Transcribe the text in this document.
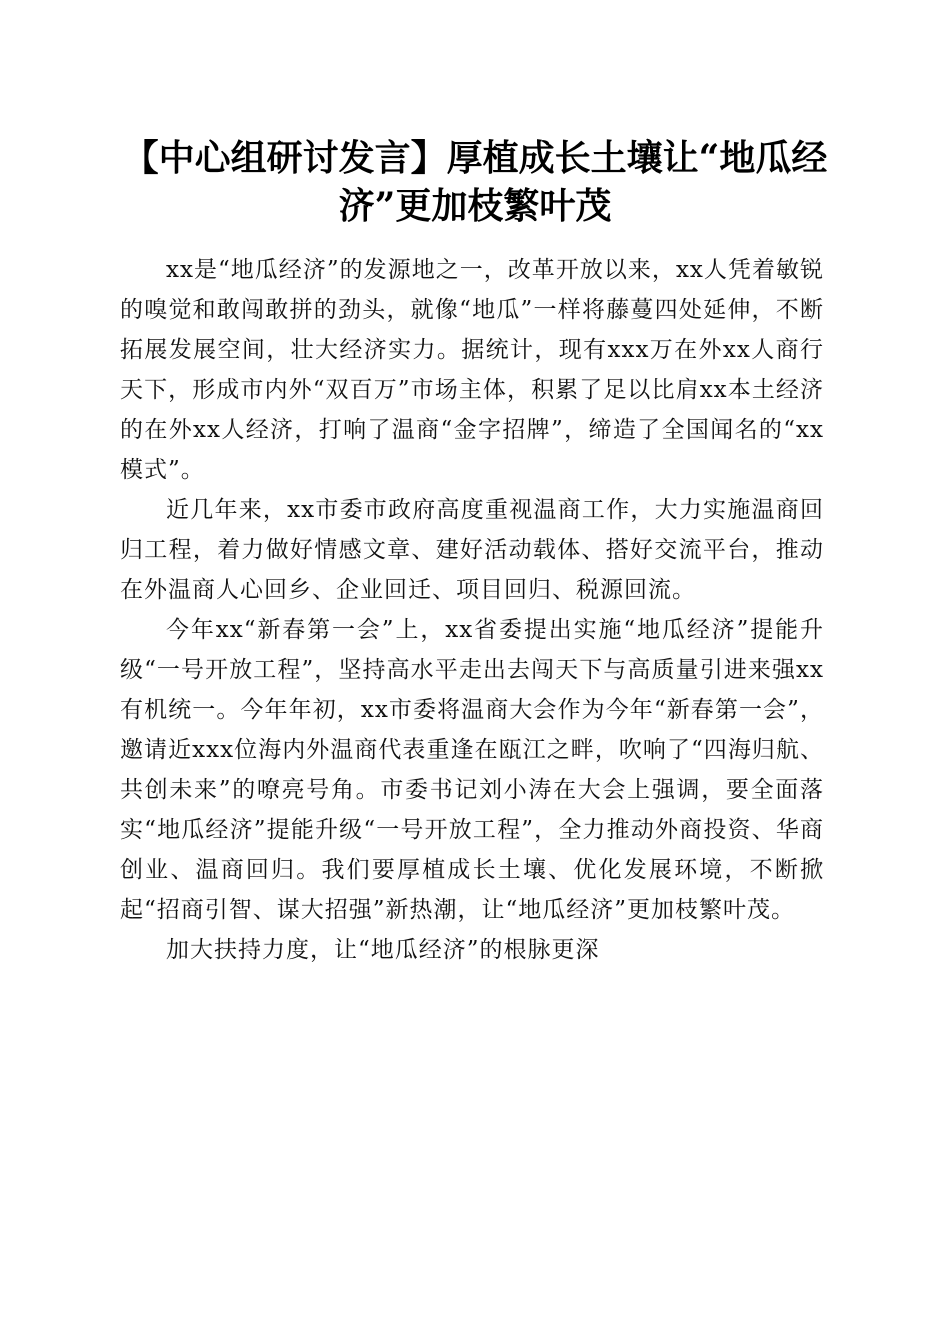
【中心组研讨发言】厚植成长土壤让“地瓜经济”更加枝繁叶茂

xx是“地瓜经济”的发源地之一，改革开放以来，xx人凭着敏锐的嗅觉和敢闯敢拼的劲头，就像“地瓜”一样将藤蔓四处延伸，不断拓展发展空间，壮大经济实力。据统计，现有xxx万在外xx人商行天下，形成市内外“双百万”市场主体，积累了足以比肩xx本土经济的在外xx人经济，打响了温商“金字招牌”，缔造了全国闻名的“xx模式”。

近几年来，xx市委市政府高度重视温商工作，大力实施温商回归工程，着力做好情感文章、建好活动载体、搭好交流平台，推动在外温商人心回乡、企业回迁、项目回归、税源回流。

今年xx“新春第一会”上，xx省委提出实施“地瓜经济”提能升级“一号开放工程”，坚持高水平走出去闯天下与高质量引进来强xx有机统一。今年年初，xx市委将温商大会作为今年“新春第一会”，邀请近xxx位海内外温商代表重逢在瓯江之畔，吹响了“四海归航、共创未来”的嘹亮号角。市委书记刘小涛在大会上强调，要全面落实“地瓜经济”提能升级“一号开放工程”，全力推动外商投资、华商创业、温商回归。我们要厚植成长土壤、优化发展环境，不断掀起“招商引智、谋大招强”新热潮，让“地瓜经济”更加枝繁叶茂。

加大扶持力度，让“地瓜经济”的根脉更深
